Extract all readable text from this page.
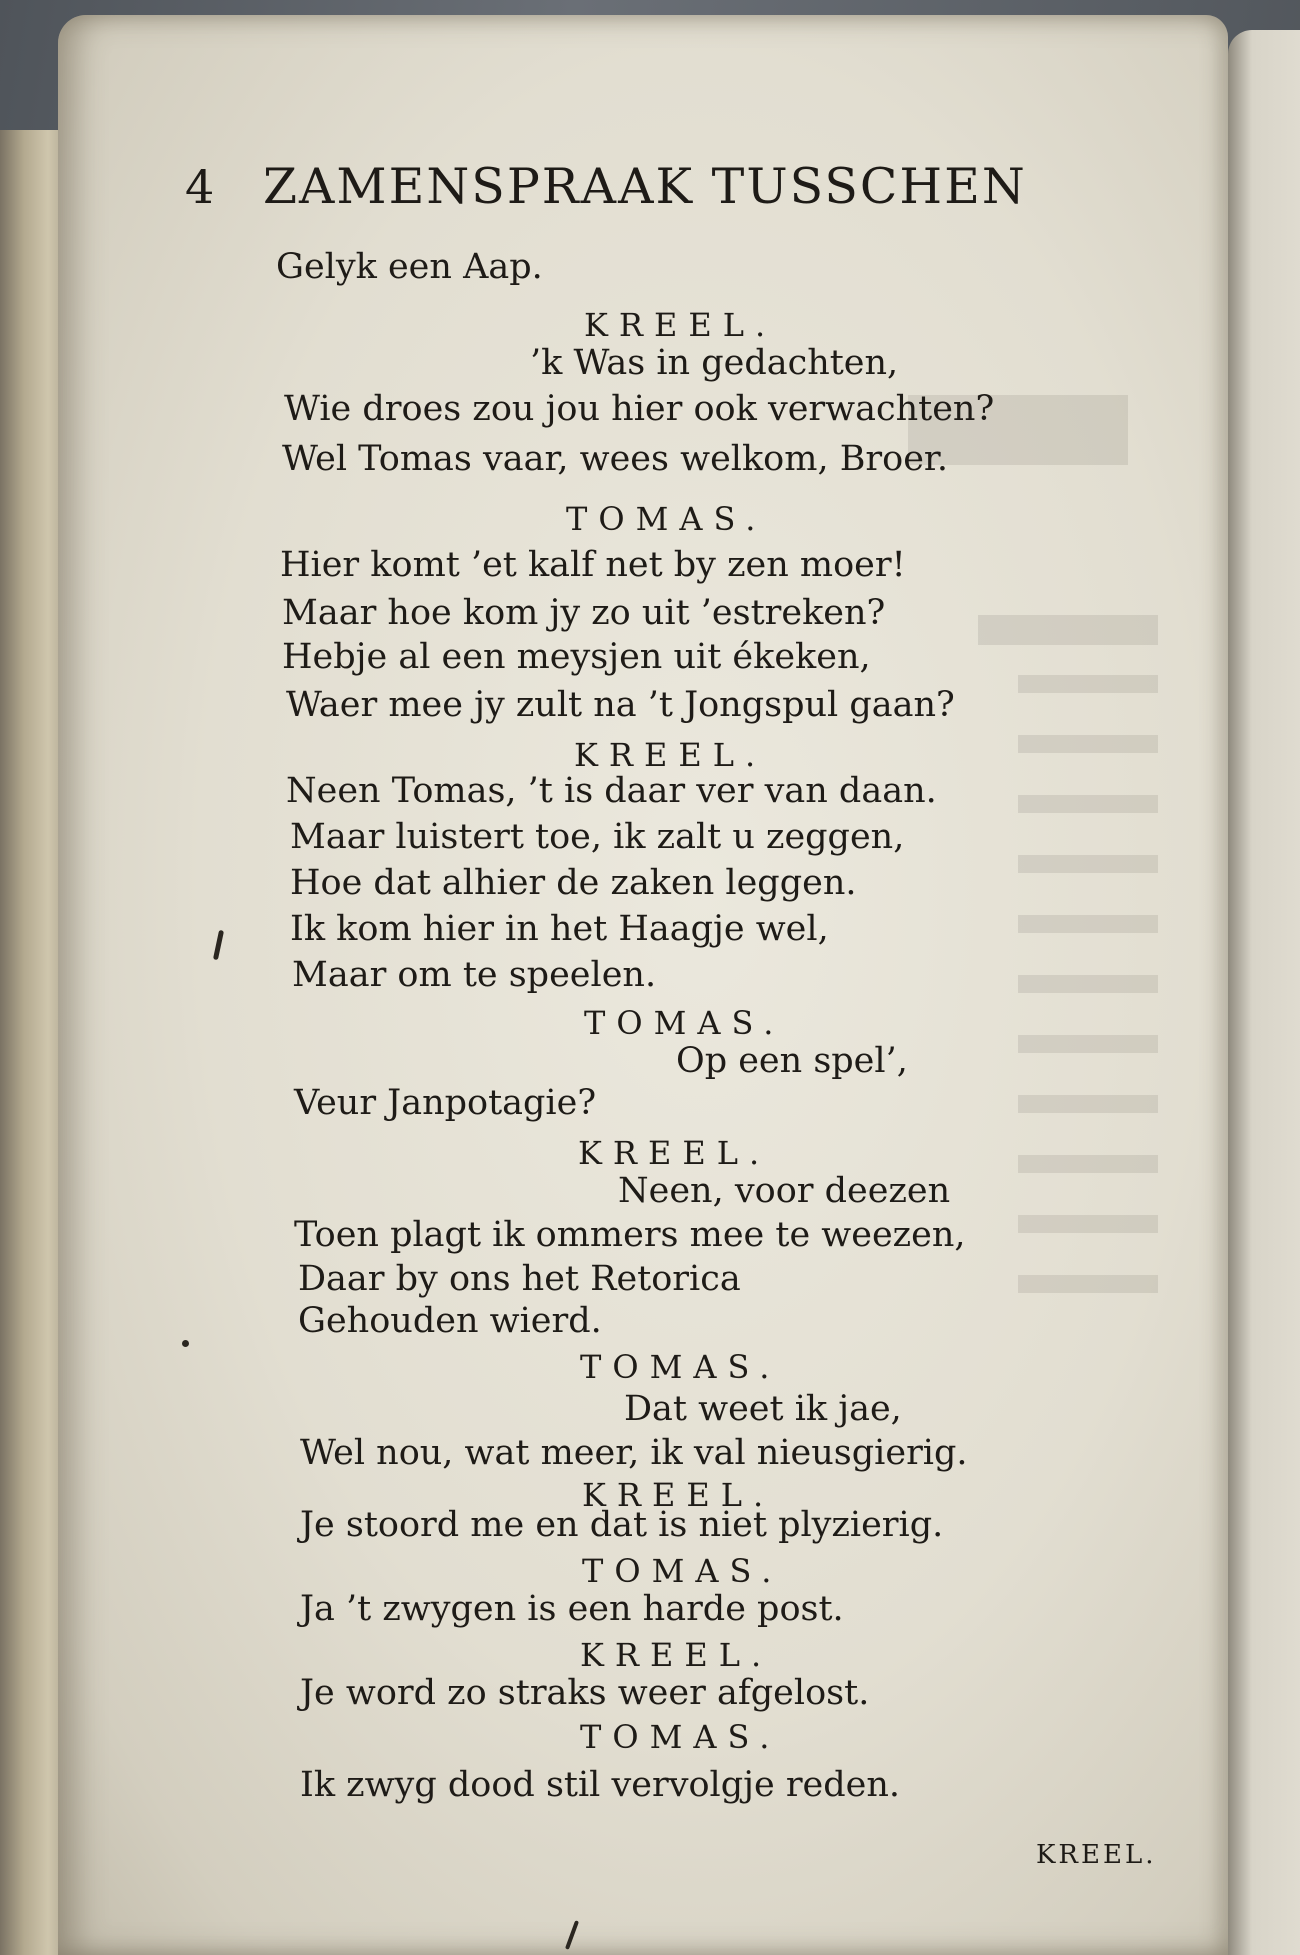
4 ZAMENSPRAAK TUSSCHEN
Gelyk een Aap.
KREEL.
’k Was in gedachten,
Wie droes zou jou hier ook verwachten?
Wel Tomas vaar, wees welkom, Broer.
TOMAS.
Hier komt ’et kalf net by zen moer!
Maar hoe kom jy zo uit ’estreken?
Hebje al een meysjen uit ékeken,
Waer mee jy zult na ’t Jongspul gaan?
KREEL.
Neen Tomas, ’t is daar ver van daan.
Maar luistert toe, ik zalt u zeggen,
Hoe dat alhier de zaken leggen.
Ik kom hier in het Haagje wel,
Maar om te speelen.
TOMAS.
Op een spel’,
Veur Janpotagie?
KREEL.
Neen, voor deezen
Toen plagt ik ommers mee te weezen,
Daar by ons het Retorica
Gehouden wierd.
TOMAS.
Dat weet ik jae,
Wel nou, wat meer, ik val nieusgierig.
KREEL.
Je stoord me en dat is niet plyzierig.
TOMAS.
Ja ’t zwygen is een harde post.
KREEL.
Je word zo straks weer afgelost.
TOMAS.
Ik zwyg dood stil vervolgje reden.
KREEL.
